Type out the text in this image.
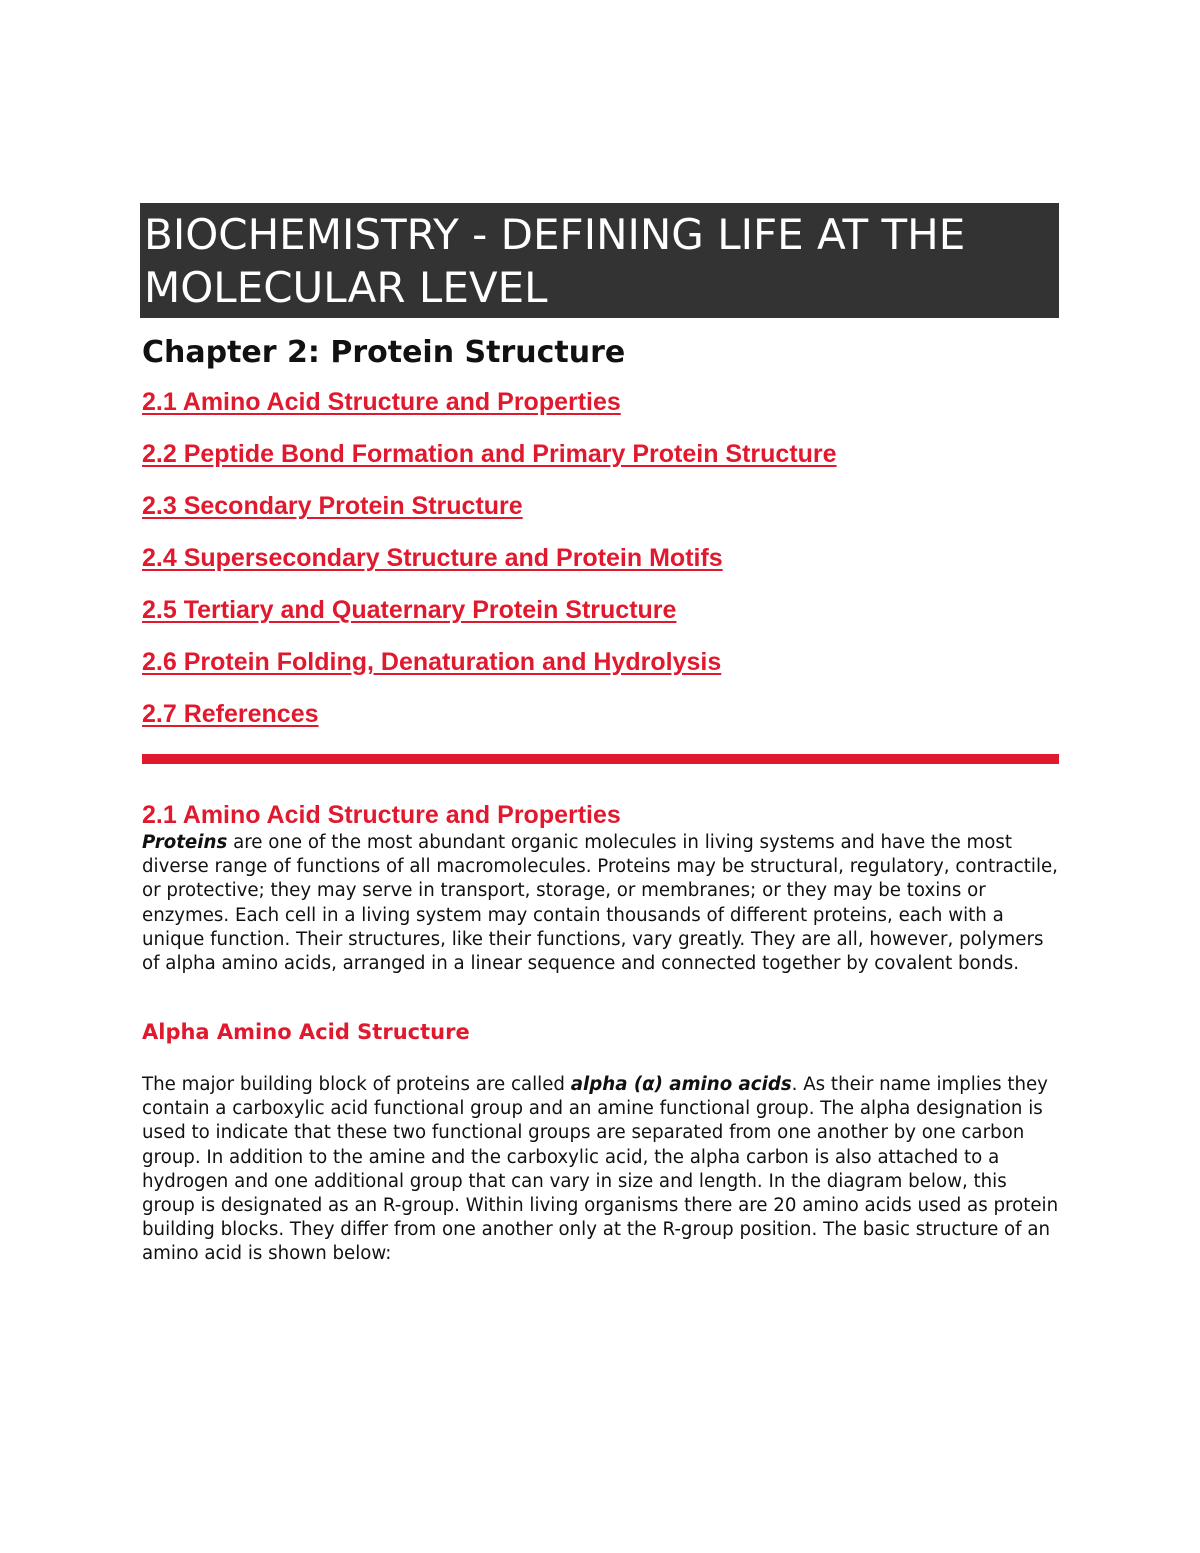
BIOCHEMISTRY - DEFINING LIFE AT THE MOLECULAR LEVEL
Chapter 2: Protein Structure
2.1 Amino Acid Structure and Properties
2.2 Peptide Bond Formation and Primary Protein Structure
2.3 Secondary Protein Structure
2.4 Supersecondary Structure and Protein Motifs
2.5 Tertiary and Quaternary Protein Structure
2.6 Protein Folding, Denaturation and Hydrolysis
2.7 References
2.1 Amino Acid Structure and Properties

Proteins are one of the most abundant organic molecules in living systems and have the most diverse range of functions of all macromolecules. Proteins may be structural, regulatory, contractile, or protective; they may serve in transport, storage, or membranes; or they may be toxins or enzymes. Each cell in a living system may contain thousands of different proteins, each with a unique function. Their structures, like their functions, vary greatly. They are all, however, polymers of alpha amino acids, arranged in a linear sequence and connected together by covalent bonds.

Alpha Amino Acid Structure

The major building block of proteins are called alpha (α) amino acids. As their name implies they contain a carboxylic acid functional group and an amine functional group. The alpha designation is used to indicate that these two functional groups are separated from one another by one carbon group. In addition to the amine and the carboxylic acid, the alpha carbon is also attached to a hydrogen and one additional group that can vary in size and length. In the diagram below, this group is designated as an R-group. Within living organisms there are 20 amino acids used as protein building blocks. They differ from one another only at the R-group position. The basic structure of an amino acid is shown below:
